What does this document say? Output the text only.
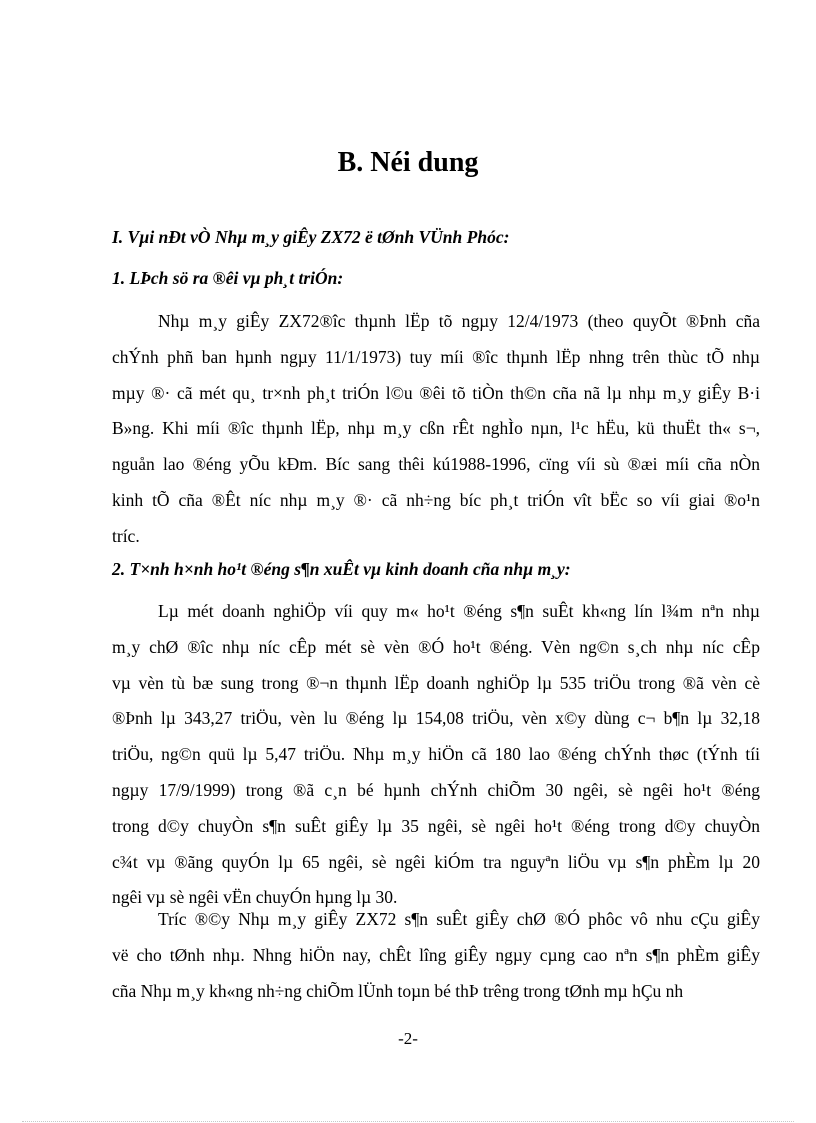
B. Néi dung
I. Vµi nÐt vÒ Nhµ m¸y giÊy ZX72 ë tØnh VÜnh Phóc:
1. LÞch sö ra ®êi vµ ph¸t triÓn:
Nhµ m¸y giÊy ZX72®îc thµnh lËp tõ ngµy 12/4/1973 (theo quyÕt ®Þnh cña
chÝnh phñ ban hµnh ngµy 11/1/1973) tuy míi ®îc thµnh lËp nhng trên thùc tÕ nhµ
mµy ®· cã mét qu¸ tr×nh ph¸t triÓn l©u ®êi tõ tiÒn th©n cña nã lµ nhµ m¸y giÊy B·i
B»ng. Khi míi ®îc thµnh lËp, nhµ m¸y cßn rÊt nghÌo nµn, l¹c hËu, kü thuËt th« s¬,
nguån lao ®éng yÕu kÐm. Bíc sang thêi kú1988-1996, cïng víi sù ®æi míi cña nÒn
kinh tÕ cña ®Êt níc nhµ m¸y ®· cã nh÷ng bíc ph¸t triÓn vît bËc so víi giai ®o¹n
tríc.
2. T×nh h×nh ho¹t ®éng s¶n xuÊt vµ kinh doanh cña nhµ m¸y:
Lµ mét doanh nghiÖp víi quy m« ho¹t ®éng s¶n suÊt kh«ng lín l¾m nªn nhµ
m¸y chØ ®îc nhµ níc cÊp mét sè vèn ®Ó ho¹t ®éng. Vèn ng©n s¸ch nhµ níc cÊp
vµ vèn tù bæ sung trong ®¬n thµnh lËp doanh nghiÖp lµ 535 triÖu trong ®ã vèn cè
®Þnh lµ 343,27 triÖu, vèn lu ®éng lµ 154,08 triÖu, vèn x©y dùng c¬ b¶n lµ 32,18
triÖu, ng©n quü lµ 5,47 triÖu. Nhµ m¸y hiÖn cã 180 lao ®éng chÝnh thøc (tÝnh tíi
ngµy 17/9/1999) trong ®ã c¸n bé hµnh chÝnh chiÕm 30 ngêi, sè ngêi ho¹t ®éng
trong d©y chuyÒn s¶n suÊt giÊy lµ 35 ngêi, sè ngêi ho¹t ®éng trong d©y chuyÒn
c¾t vµ ®ãng quyÓn lµ 65 ngêi, sè ngêi kiÓm tra nguyªn liÖu vµ s¶n phÈm lµ 20
ngêi vµ sè ngêi vËn chuyÓn hµng lµ 30.
Tríc ®©y Nhµ m¸y giÊy ZX72 s¶n suÊt giÊy chØ ®Ó phôc vô nhu cÇu giÊy
vë cho tØnh nhµ. Nhng hiÖn nay, chÊt lîng giÊy ngµy cµng cao nªn s¶n phÈm giÊy
cña Nhµ m¸y kh«ng nh÷ng chiÕm lÜnh toµn bé thÞ trêng trong tØnh mµ hÇu nh
-2-
